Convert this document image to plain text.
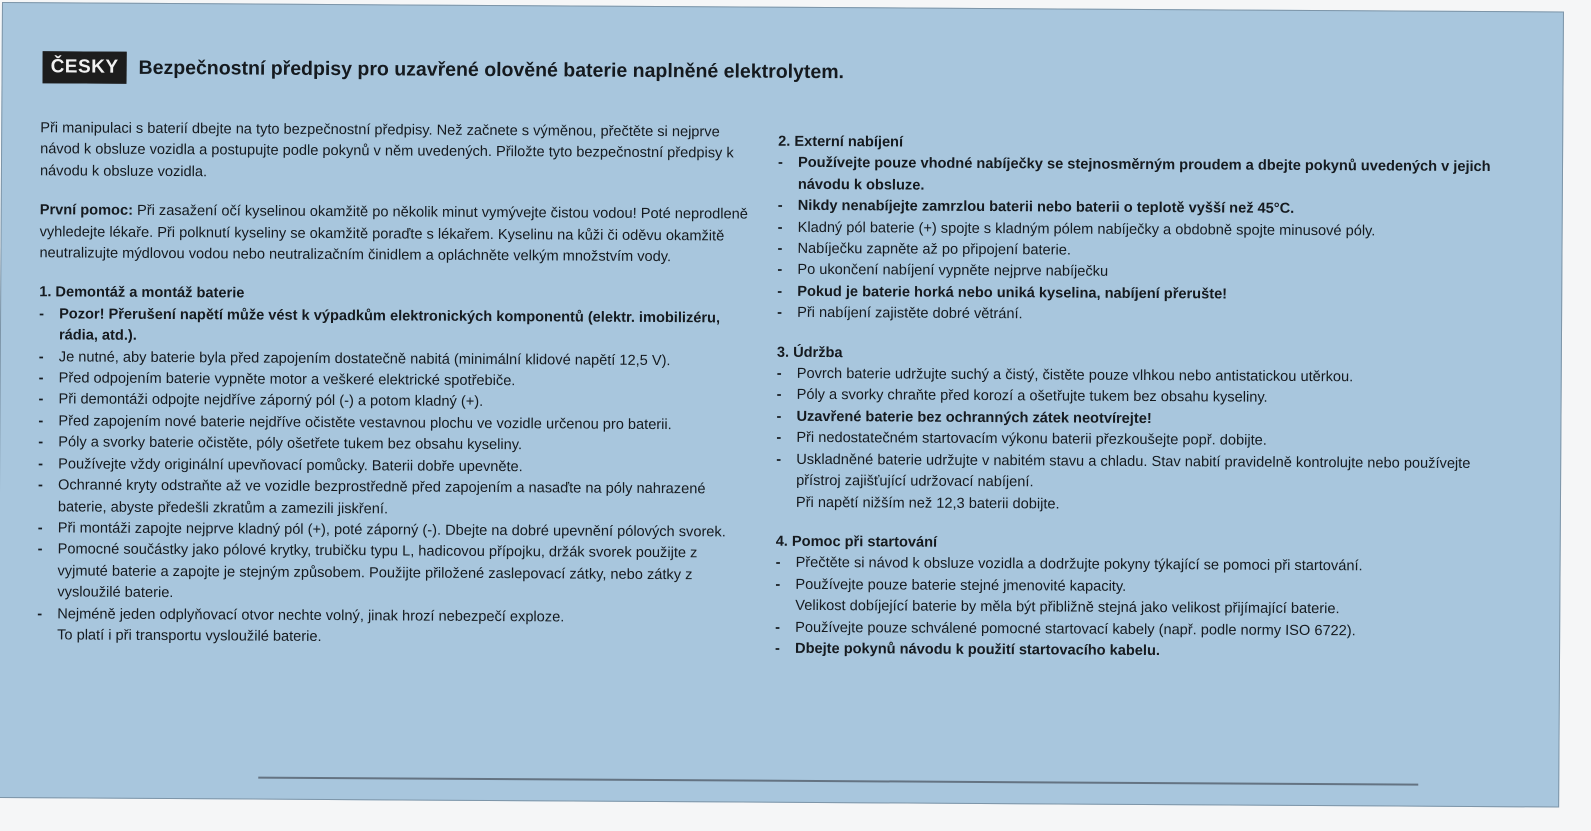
ČESKY	Bezpečnostní předpisy pro uzavřené olověné baterie naplněné elektrolytem.

Při manipulaci s baterií dbejte na tyto bezpečnostní předpisy. Než začnete s výměnou, přečtěte si nejprve návod k obsluze vozidla a postupujte podle pokynů v něm uvedených. Přiložte tyto bezpečnostní předpisy k návodu k obsluze vozidla.

První pomoc: Při zasažení očí kyselinou okamžitě po několik minut vymývejte čistou vodou! Poté neprodleně vyhledejte lékaře. Při polknutí kyseliny se okamžitě poraďte s lékařem. Kyselinu na kůži či oděvu okamžitě neutralizujte mýdlovou vodou nebo neutralizačním činidlem a opláchněte velkým množstvím vody.

1. Demontáž a montáž baterie

- Pozor! Přerušení napětí může vést k výpadkům elektronických komponentů (elektr. imobilizéru, rádia, atd.).
- Je nutné, aby baterie byla před zapojením dostatečně nabitá (minimální klidové napětí 12,5 V).
- Před odpojením baterie vypněte motor a veškeré elektrické spotřebiče.
- Při demontáži odpojte nejdříve záporný pól (-) a potom kladný (+).
- Před zapojením nové baterie nejdříve očistěte vestavnou plochu ve vozidle určenou pro baterii.
- Póly a svorky baterie očistěte, póly ošetřete tukem bez obsahu kyseliny.
- Používejte vždy originální upevňovací pomůcky. Baterii dobře upevněte.
- Ochranné kryty odstraňte až ve vozidle bezprostředně před zapojením a nasaďte na póly nahrazené baterie, abyste předešli zkratům a zamezili jiskření.
- Při montáži zapojte nejprve kladný pól (+), poté záporný (-). Dbejte na dobré upevnění pólových svorek.
- Pomocné součástky jako pólové krytky, trubičku typu L, hadicovou přípojku, držák svorek použijte z vyjmuté baterie a zapojte je stejným způsobem. Použijte přiložené zaslepovací zátky, nebo zátky z vysloužilé baterie.
- Nejméně jeden odplyňovací otvor nechte volný, jinak hrozí nebezpečí exploze.
To platí i při transportu vysloužilé baterie.

2. Externí nabíjení

- Používejte pouze vhodné nabíječky se stejnosměrným proudem a dbejte pokynů uvedených v jejich návodu k obsluze.
- Nikdy nenabíjejte zamrzlou baterii nebo baterii o teplotě vyšší než 45°C.
- Kladný pól baterie (+) spojte s kladným pólem nabíječky a obdobně spojte minusové póly.
- Nabíječku zapněte až po připojení baterie.
- Po ukončení nabíjení vypněte nejprve nabíječku
- Pokud je baterie horká nebo uniká kyselina, nabíjení přerušte!
- Při nabíjení zajistěte dobré větrání.

3. Údržba

- Povrch baterie udržujte suchý a čistý, čistěte pouze vlhkou nebo antistatickou utěrkou.
- Póly a svorky chraňte před korozí a ošetřujte tukem bez obsahu kyseliny.
- Uzavřené baterie bez ochranných zátek neotvírejte!
- Při nedostatečném startovacím výkonu baterii přezkoušejte popř. dobijte.
- Uskladněné baterie udržujte v nabitém stavu a chladu. Stav nabití pravidelně kontrolujte nebo používejte přístroj zajišťující udržovací nabíjení.
Při napětí nižším než 12,3 baterii dobijte.

4. Pomoc při startování

- Přečtěte si návod k obsluze vozidla a dodržujte pokyny týkající se pomoci při startování.
- Používejte pouze baterie stejné jmenovité kapacity.
Velikost dobíjející baterie by měla být přibližně stejná jako velikost přijímající baterie.
- Používejte pouze schválené pomocné startovací kabely (např. podle normy ISO 6722).
- Dbejte pokynů návodu k použití startovacího kabelu.
